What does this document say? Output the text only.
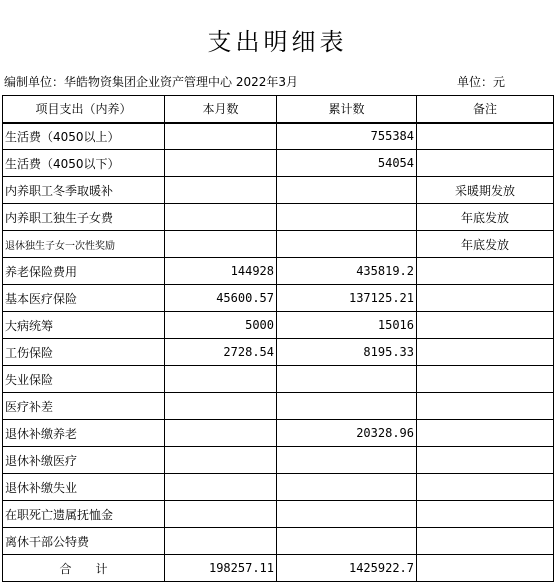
支出明细表
编制单位：华皓物资集团企业资产管理中心 2022年3月	单位：元
项目支出（内养）	本月数	累计数	备注
生活费（4050以上）		755384	
生活费（4050以下）		54054	
内养职工冬季取暖补			采暖期发放
内养职工独生子女费			年底发放
退休独生子女一次性奖励			年底发放
养老保险费用	144928	435819.2	
基本医疗保险	45600.57	137125.21	
大病统筹	5000	15016	
工伤保险	2728.54	8195.33	
失业保险			
医疗补差			
退休补缴养老		20328.96	
退休补缴医疗			
退休补缴失业			
在职死亡遗属抚恤金			
离休干部公特费			
合　　计	198257.11	1425922.7	
